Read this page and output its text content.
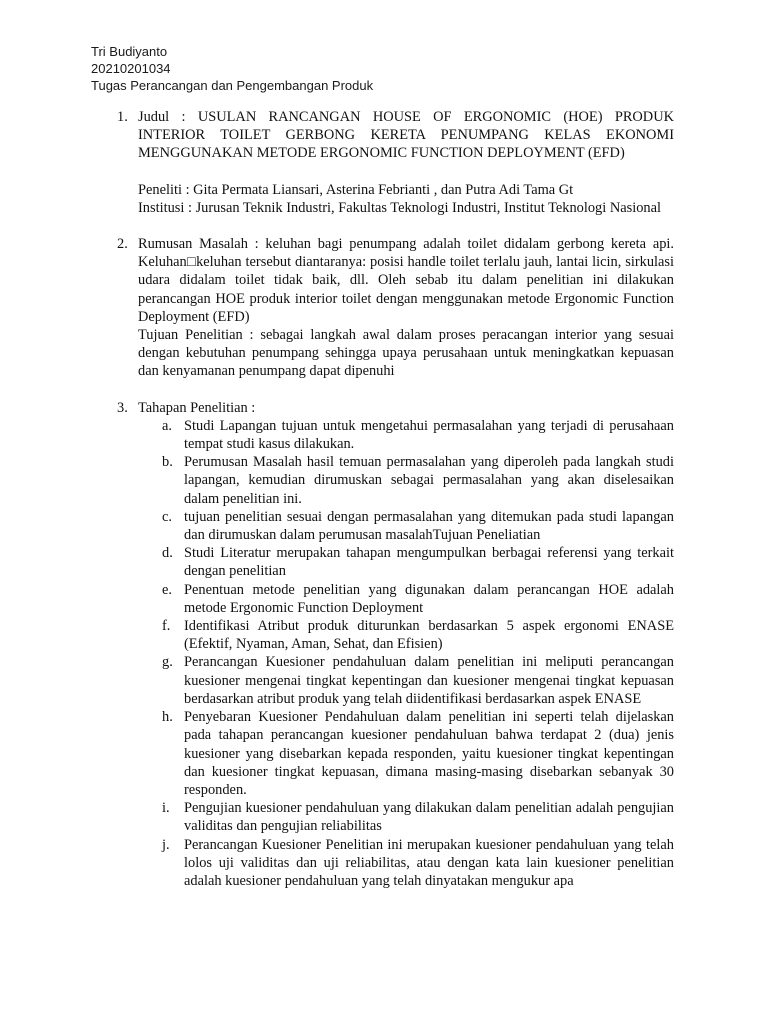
Tri Budiyanto
20210201034
Tugas Perancangan dan Pengembangan Produk
1. Judul : USULAN RANCANGAN HOUSE OF ERGONOMIC (HOE) PRODUK INTERIOR TOILET GERBONG KERETA PENUMPANG KELAS EKONOMI MENGGUNAKAN METODE ERGONOMIC FUNCTION DEPLOYMENT (EFD)

Peneliti : Gita Permata Liansari, Asterina Febrianti , dan Putra Adi Tama Gt

Institusi : Jurusan Teknik Industri, Fakultas Teknologi Industri, Institut Teknologi Nasional

2. Rumusan Masalah : keluhan bagi penumpang adalah toilet didalam gerbong kereta api. Keluhan□keluhan tersebut diantaranya: posisi handle toilet terlalu jauh, lantai licin, sirkulasi udara didalam toilet tidak baik, dll. Oleh sebab itu dalam penelitian ini dilakukan perancangan HOE produk interior toilet dengan menggunakan metode Ergonomic Function Deployment (EFD)

Tujuan Penelitian : sebagai langkah awal dalam proses peracangan interior yang sesuai dengan kebutuhan penumpang sehingga upaya perusahaan untuk meningkatkan kepuasan dan kenyamanan penumpang dapat dipenuhi

3. Tahapan Penelitian :

a. Studi Lapangan tujuan untuk mengetahui permasalahan yang terjadi di perusahaan tempat studi kasus dilakukan.
b. Perumusan Masalah hasil temuan permasalahan yang diperoleh pada langkah studi lapangan, kemudian dirumuskan sebagai permasalahan yang akan diselesaikan dalam penelitian ini.
c. tujuan penelitian sesuai dengan permasalahan yang ditemukan pada studi lapangan dan dirumuskan dalam perumusan masalahTujuan Peneliatian
d. Studi Literatur merupakan tahapan mengumpulkan berbagai referensi yang terkait dengan penelitian
e. Penentuan metode penelitian yang digunakan dalam perancangan HOE adalah metode Ergonomic Function Deployment
f. Identifikasi Atribut produk diturunkan berdasarkan 5 aspek ergonomi ENASE (Efektif, Nyaman, Aman, Sehat, dan Efisien)
g. Perancangan Kuesioner pendahuluan dalam penelitian ini meliputi perancangan kuesioner mengenai tingkat kepentingan dan kuesioner mengenai tingkat kepuasan berdasarkan atribut produk yang telah diidentifikasi berdasarkan aspek ENASE
h. Penyebaran Kuesioner Pendahuluan dalam penelitian ini seperti telah dijelaskan pada tahapan perancangan kuesioner pendahuluan bahwa terdapat 2 (dua) jenis kuesioner yang disebarkan kepada responden, yaitu kuesioner tingkat kepentingan dan kuesioner tingkat kepuasan, dimana masing-masing disebarkan sebanyak 30 responden.
i. Pengujian kuesioner pendahuluan yang dilakukan dalam penelitian adalah pengujian validitas dan pengujian reliabilitas
j. Perancangan Kuesioner Penelitian ini merupakan kuesioner pendahuluan yang telah lolos uji validitas dan uji reliabilitas, atau dengan kata lain kuesioner penelitian adalah kuesioner pendahuluan yang telah dinyatakan mengukur apa
